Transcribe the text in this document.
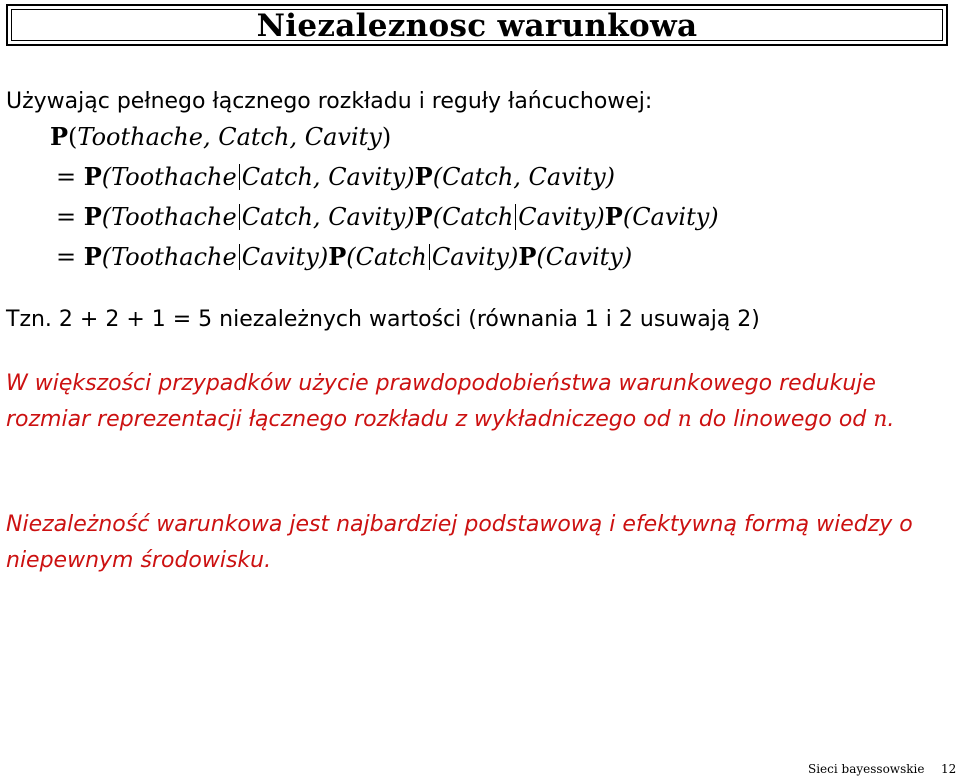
Niezaleznosc warunkowa
Używając pełnego łącznego rozkładu i reguły łańcuchowej:
P(Toothache, Catch, Cavity)
= P(Toothache Catch, Cavity)P(Catch, Cavity)
= P(Toothache Catch, Cavity)P(Catch Cavity)P(Cavity)
= P(Toothache Cavity)P(Catch Cavity)P(Cavity)
Tzn. 2 + 2 + 1 = 5 niezależnych wartości (równania 1 i 2 usuwają 2)
W większości przypadków użycie prawdopodobieństwa warunkowego redukuje rozmiar reprezentacji łącznego rozkładu z wykładniczego od n do linowego od n.
Niezależność warunkowa jest najbardziej podstawową i efektywną formą wiedzy o niepewnym środowisku.
Sieci bayessowskie 12
